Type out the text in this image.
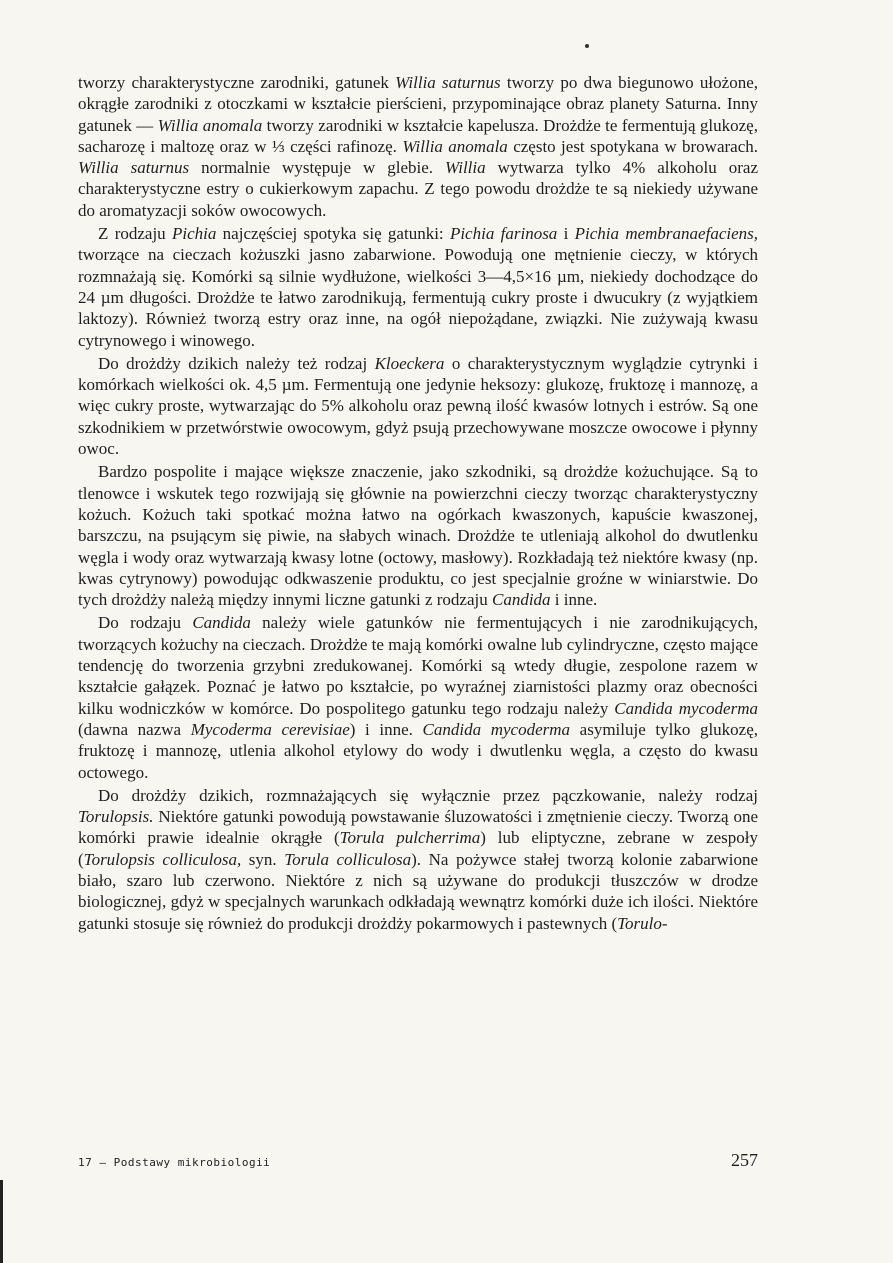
tworzy charakterystyczne zarodniki, gatunek Willia saturnus tworzy po dwa biegunowo ułożone, okrągłe zarodniki z otoczkami w kształcie pierścieni, przypominające obraz planety Saturna. Inny gatunek — Willia anomala tworzy zarodniki w kształcie kapelusza. Drożdże te fermentują glukozę, sacharozę i maltozę oraz w ⅓ części rafinozę. Willia anomala często jest spotykana w browarach. Willia saturnus normalnie występuje w glebie. Willia wytwarza tylko 4% alkoholu oraz charakterystyczne estry o cukierkowym zapachu. Z tego powodu drożdże te są niekiedy używane do aromatyzacji soków owocowych.

Z rodzaju Pichia najczęściej spotyka się gatunki: Pichia farinosa i Pichia membranaefaciens, tworzące na cieczach kożuszki jasno zabarwione. Powodują one mętnienie cieczy, w których rozmnażają się. Komórki są silnie wydłużone, wielkości 3—4,5×16 µm, niekiedy dochodzące do 24 µm długości. Drożdże te łatwo zarodnikują, fermentują cukry proste i dwucukry (z wyjątkiem laktozy). Również tworzą estry oraz inne, na ogół niepożądane, związki. Nie zużywają kwasu cytrynowego i winowego.

Do drożdży dzikich należy też rodzaj Kloeckera o charakterystycznym wyglądzie cytrynki i komórkach wielkości ok. 4,5 µm. Fermentują one jedynie heksozy: glukozę, fruktozę i mannozę, a więc cukry proste, wytwarzając do 5% alkoholu oraz pewną ilość kwasów lotnych i estrów. Są one szkodnikiem w przetwórstwie owocowym, gdyż psują przechowywane moszcze owocowe i płynny owoc.

Bardzo pospolite i mające większe znaczenie, jako szkodniki, są drożdże kożuchujące. Są to tlenowce i wskutek tego rozwijają się głównie na powierzchni cieczy tworząc charakterystyczny kożuch. Kożuch taki spotkać można łatwo na ogórkach kwaszonych, kapuście kwaszonej, barszczu, na psującym się piwie, na słabych winach. Drożdże te utleniają alkohol do dwutlenku węgla i wody oraz wytwarzają kwasy lotne (octowy, masłowy). Rozkładają też niektóre kwasy (np. kwas cytrynowy) powodując odkwaszenie produktu, co jest specjalnie groźne w winiarstwie. Do tych drożdży należą między innymi liczne gatunki z rodzaju Candida i inne.

Do rodzaju Candida należy wiele gatunków nie fermentujących i nie zarodnikujących, tworzących kożuchy na cieczach. Drożdże te mają komórki owalne lub cylindryczne, często mające tendencję do tworzenia grzybni zredukowanej. Komórki są wtedy długie, zespolone razem w kształcie gałązek. Poznać je łatwo po kształcie, po wyraźnej ziarnistości plazmy oraz obecności kilku wodniczków w komórce. Do pospolitego gatunku tego rodzaju należy Candida mycoderma (dawna nazwa Mycoderma cerevisiae) i inne. Candida mycoderma asymiluje tylko glukozę, fruktozę i mannozę, utlenia alkohol etylowy do wody i dwutlenku węgla, a często do kwasu octowego.

Do drożdży dzikich, rozmnażających się wyłącznie przez pączkowanie, należy rodzaj Torulopsis. Niektóre gatunki powodują powstawanie śluzowatości i zmętnienie cieczy. Tworzą one komórki prawie idealnie okrągłe (Torula pulcherrima) lub eliptyczne, zebrane w zespoły (Torulopsis colliculosa, syn. Torula colliculosa). Na pożywce stałej tworzą kolonie zabarwione biało, szaro lub czerwono. Niektóre z nich są używane do produkcji tłuszczów w drodze biologicznej, gdyż w specjalnych warunkach odkładają wewnątrz komórki duże ich ilości. Niektóre gatunki stosuje się również do produkcji drożdży pokarmowych i pastewnych (Torulo-

17 — Podstawy mikrobiologii	257
